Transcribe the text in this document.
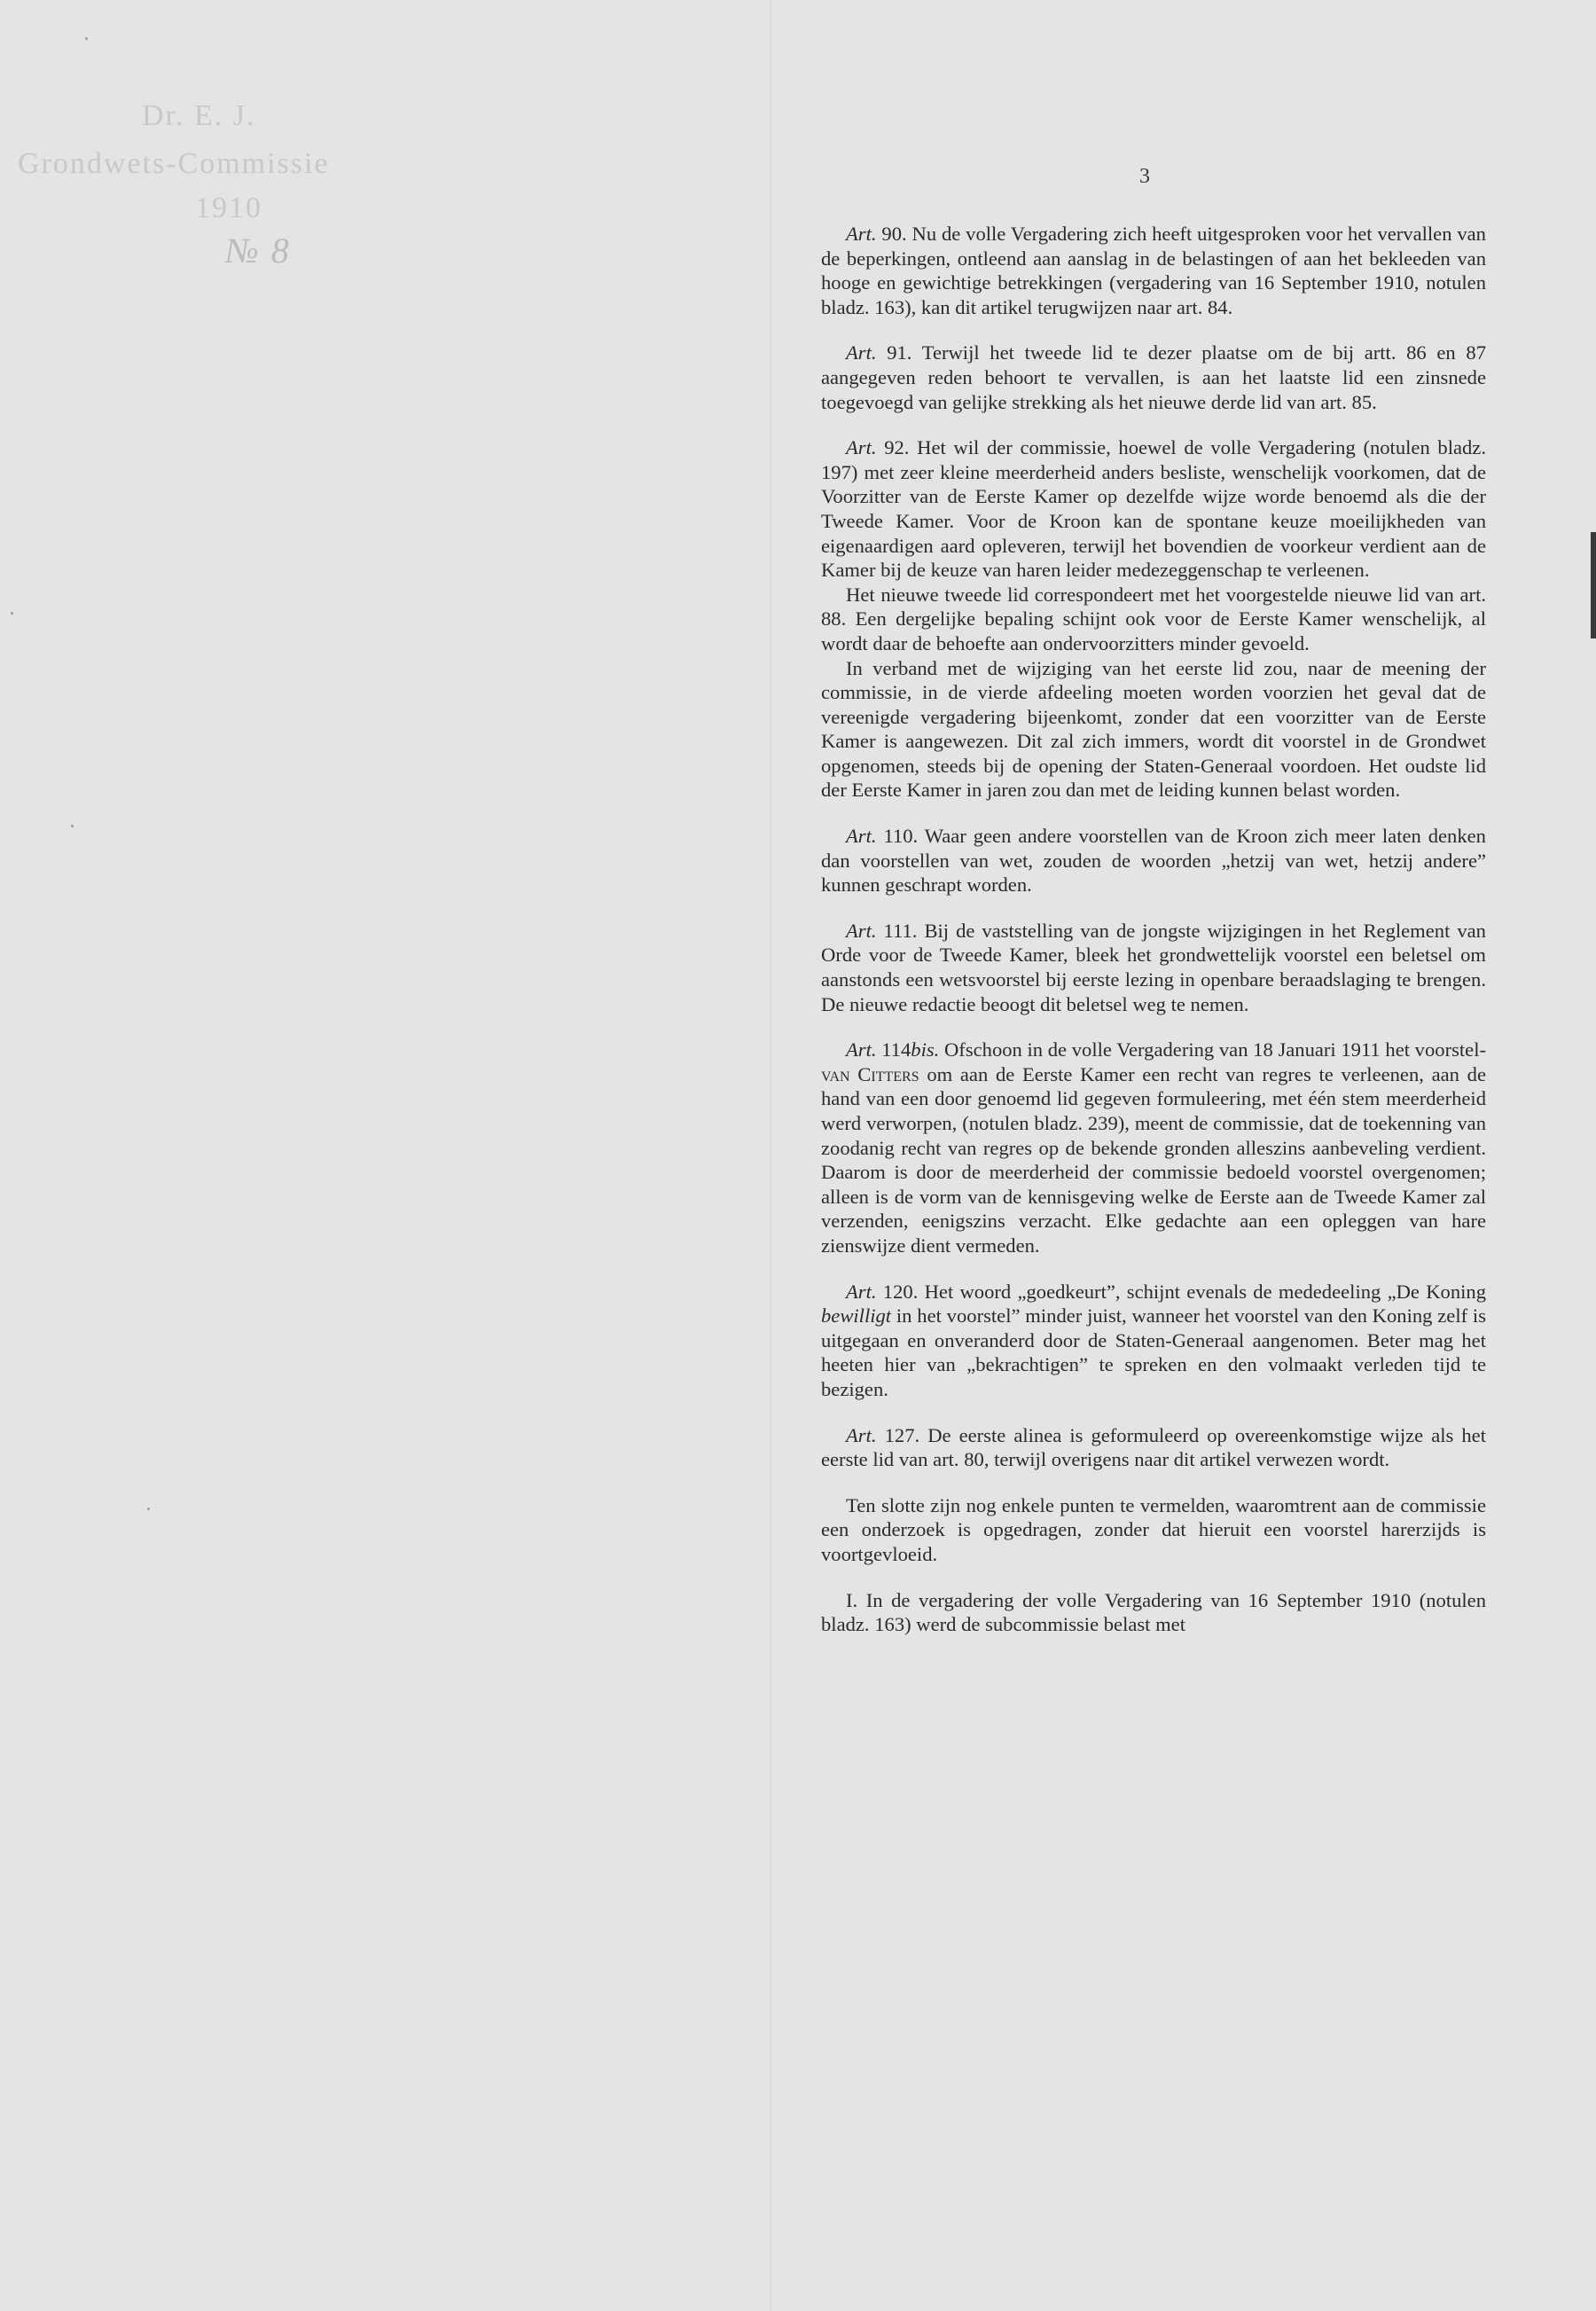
Dr. E. J.
Grondwets-Commissie
1910
№ 8
3

Art. 90. Nu de volle Vergadering zich heeft uitgesproken voor het vervallen van de beperkingen, ontleend aan aanslag in de belastingen of aan het bekleeden van hooge en gewichtige betrekkingen (vergadering van 16 September 1910, notulen bladz. 163), kan dit artikel terugwijzen naar art. 84.

Art. 91. Terwijl het tweede lid te dezer plaatse om de bij artt. 86 en 87 aangegeven reden behoort te vervallen, is aan het laatste lid een zinsnede toegevoegd van gelijke strekking als het nieuwe derde lid van art. 85.

Art. 92. Het wil der commissie, hoewel de volle Vergadering (notulen bladz. 197) met zeer kleine meerderheid anders besliste, wenschelijk voorkomen, dat de Voorzitter van de Eerste Kamer op dezelfde wijze worde benoemd als die der Tweede Kamer. Voor de Kroon kan de spontane keuze moeilijkheden van eigenaardigen aard opleveren, terwijl het bovendien de voorkeur verdient aan de Kamer bij de keuze van haren leider medezeggenschap te verleenen.

Het nieuwe tweede lid correspondeert met het voorgestelde nieuwe lid van art. 88. Een dergelijke bepaling schijnt ook voor de Eerste Kamer wenschelijk, al wordt daar de behoefte aan ondervoorzitters minder gevoeld.

In verband met de wijziging van het eerste lid zou, naar de meening der commissie, in de vierde afdeeling moeten worden voorzien het geval dat de vereenigde vergadering bijeenkomt, zonder dat een voorzitter van de Eerste Kamer is aangewezen. Dit zal zich immers, wordt dit voorstel in de Grondwet opgenomen, steeds bij de opening der Staten-Generaal voordoen. Het oudste lid der Eerste Kamer in jaren zou dan met de leiding kunnen belast worden.

Art. 110. Waar geen andere voorstellen van de Kroon zich meer laten denken dan voorstellen van wet, zouden de woorden „hetzij van wet, hetzij andere” kunnen geschrapt worden.

Art. 111. Bij de vaststelling van de jongste wijzigingen in het Reglement van Orde voor de Tweede Kamer, bleek het grondwettelijk voorstel een beletsel om aanstonds een wetsvoorstel bij eerste lezing in openbare beraadslaging te brengen. De nieuwe redactie beoogt dit beletsel weg te nemen.

Art. 114bis. Ofschoon in de volle Vergadering van 18 Januari 1911 het voorstel-van Citters om aan de Eerste Kamer een recht van regres te verleenen, aan de hand van een door genoemd lid gegeven formuleering, met één stem meerderheid werd verworpen, (notulen bladz. 239), meent de commissie, dat de toekenning van zoodanig recht van regres op de bekende gronden alleszins aanbeveling verdient. Daarom is door de meerderheid der commissie bedoeld voorstel overgenomen; alleen is de vorm van de kennisgeving welke de Eerste aan de Tweede Kamer zal verzenden, eenigszins verzacht. Elke gedachte aan een opleggen van hare zienswijze dient vermeden.

Art. 120. Het woord „goedkeurt”, schijnt evenals de mededeeling „De Koning bewilligt in het voorstel” minder juist, wanneer het voorstel van den Koning zelf is uitgegaan en onveranderd door de Staten-Generaal aangenomen. Beter mag het heeten hier van „bekrachtigen” te spreken en den volmaakt verleden tijd te bezigen.

Art. 127. De eerste alinea is geformuleerd op overeenkomstige wijze als het eerste lid van art. 80, terwijl overigens naar dit artikel verwezen wordt.

Ten slotte zijn nog enkele punten te vermelden, waaromtrent aan de commissie een onderzoek is opgedragen, zonder dat hieruit een voorstel harerzijds is voortgevloeid.

I. In de vergadering der volle Vergadering van 16 September 1910 (notulen bladz. 163) werd de subcommissie belast met
